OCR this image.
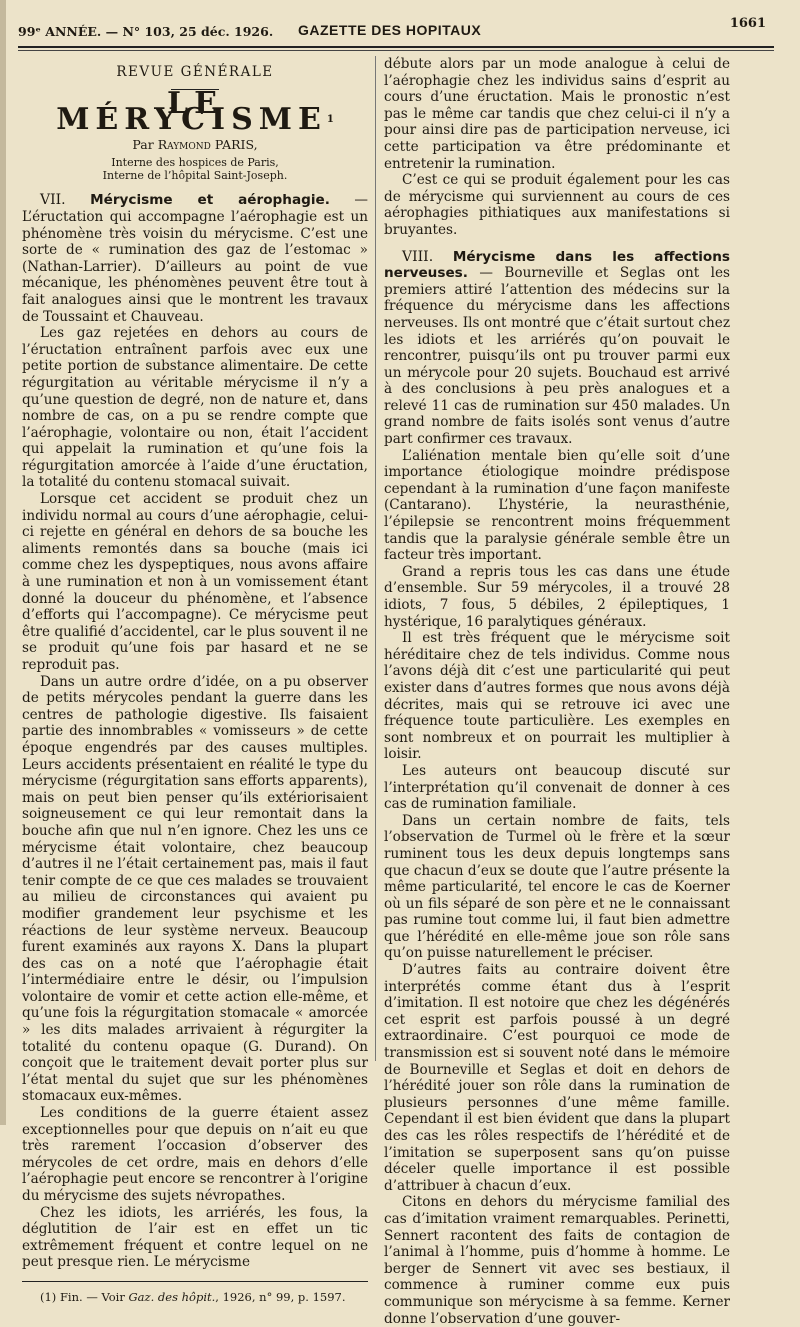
99ᵉ ANNÉE. — N° 103, 25 déc. 1926. GAZETTE DES HOPITAUX	1661
REVUE GÉNÉRALE
LE MÉRYCISME$^1$
Par Raymond PARIS,
Interne des hospices de Paris,
Interne de l’hôpital Saint-Joseph.

VII. Mérycisme et aérophagie. — L’éructation qui accompagne l’aérophagie est un phénomène très voisin du mérycisme. C’est une sorte de « rumination des gaz de l’estomac » (Nathan-Larrier). D’ailleurs au point de vue mécanique, les phénomènes peuvent être tout à fait analogues ainsi que le montrent les travaux de Toussaint et Chauveau.

Les gaz rejetées en dehors au cours de l’éructation entraînent parfois avec eux une petite portion de substance alimentaire. De cette régurgitation au véritable mérycisme il n’y a qu’une question de degré, non de nature et, dans nombre de cas, on a pu se rendre compte que l’aérophagie, volontaire ou non, était l’accident qui appelait la rumination et qu’une fois la régurgitation amorcée à l’aide d’une éructation, la totalité du contenu stomacal suivait.

Lorsque cet accident se produit chez un individu normal au cours d’une aérophagie, celui-ci rejette en général en dehors de sa bouche les aliments remontés dans sa bouche (mais ici comme chez les dyspeptiques, nous avons affaire à une rumination et non à un vomissement étant donné la douceur du phénomène, et l’absence d’efforts qui l’accompagne). Ce mérycisme peut être qualifié d’accidentel, car le plus souvent il ne se produit qu’une fois par hasard et ne se reproduit pas.

Dans un autre ordre d’idée, on a pu observer de petits mérycoles pendant la guerre dans les centres de pathologie digestive. Ils faisaient partie des innombrables « vomisseurs » de cette époque engendrés par des causes multiples. Leurs accidents présentaient en réalité le type du mérycisme (régurgitation sans efforts apparents), mais on peut bien penser qu’ils extériorisaient soigneusement ce qui leur remontait dans la bouche afin que nul n’en ignore. Chez les uns ce mérycisme était volontaire, chez beaucoup d’autres il ne l’était certainement pas, mais il faut tenir compte de ce que ces malades se trouvaient au milieu de circonstances qui avaient pu modifier grandement leur psychisme et les réactions de leur système nerveux. Beaucoup furent examinés aux rayons X. Dans la plupart des cas on a noté que l’aérophagie était l’intermédiaire entre le désir, ou l’impulsion volontaire de vomir et cette action elle-même, et qu’une fois la régurgitation stomacale « amorcée » les dits malades arrivaient à régurgiter la totalité du contenu opaque (G. Durand). On conçoit que le traitement devait porter plus sur l’état mental du sujet que sur les phénomènes stomacaux eux-mêmes.

Les conditions de la guerre étaient assez exceptionnelles pour que depuis on n’ait eu que très rarement l’occasion d’observer des mérycoles de cet ordre, mais en dehors d’elle l’aérophagie peut encore se rencontrer à l’origine du mérycisme des sujets névropathes.

Chez les idiots, les arriérés, les fous, la déglutition de l’air est en effet un tic extrêmement fréquent et contre lequel on ne peut presque rien. Le mérycisme

(1) Fin. — Voir Gaz. des hôpit., 1926, n° 99, p. 1597.

débute alors par un mode analogue à celui de l’aérophagie chez les individus sains d’esprit au cours d’une éructation. Mais le pronostic n’est pas le même car tandis que chez celui-ci il n’y a pour ainsi dire pas de participation nerveuse, ici cette participation va être prédominante et entretenir la rumination.

C’est ce qui se produit également pour les cas de mérycisme qui surviennent au cours de ces aérophagies pithiatiques aux manifestations si bruyantes.

VIII. Mérycisme dans les affections nerveuses. — Bourneville et Seglas ont les premiers attiré l’attention des médecins sur la fréquence du mérycisme dans les affections nerveuses. Ils ont montré que c’était surtout chez les idiots et les arriérés qu’on pouvait le rencontrer, puisqu’ils ont pu trouver parmi eux un mérycole pour 20 sujets. Bouchaud est arrivé à des conclusions à peu près analogues et a relevé 11 cas de rumination sur 450 malades. Un grand nombre de faits isolés sont venus d’autre part confirmer ces travaux.

L’aliénation mentale bien qu’elle soit d’une importance étiologique moindre prédispose cependant à la rumination d’une façon manifeste (Cantarano). L’hystérie, la neurasthénie, l’épilepsie se rencontrent moins fréquemment tandis que la paralysie générale semble être un facteur très important.

Grand a repris tous les cas dans une étude d’ensemble. Sur 59 mérycoles, il a trouvé 28 idiots, 7 fous, 5 débiles, 2 épileptiques, 1 hystérique, 16 paralytiques généraux.

Il est très fréquent que le mérycisme soit héréditaire chez de tels individus. Comme nous l’avons déjà dit c’est une particularité qui peut exister dans d’autres formes que nous avons déjà décrites, mais qui se retrouve ici avec une fréquence toute particulière. Les exemples en sont nombreux et on pourrait les multiplier à loisir.

Les auteurs ont beaucoup discuté sur l’interprétation qu’il convenait de donner à ces cas de rumination familiale.

Dans un certain nombre de faits, tels l’observation de Turmel où le frère et la sœur ruminent tous les deux depuis longtemps sans que chacun d’eux se doute que l’autre présente la même particularité, tel encore le cas de Koerner où un fils séparé de son père et ne le connaissant pas rumine tout comme lui, il faut bien admettre que l’hérédité en elle-même joue son rôle sans qu’on puisse naturellement le préciser.

D’autres faits au contraire doivent être interprétés comme étant dus à l’esprit d’imitation. Il est notoire que chez les dégénérés cet esprit est parfois poussé à un degré extraordinaire. C’est pourquoi ce mode de transmission est si souvent noté dans le mémoire de Bourneville et Seglas et doit en dehors de l’hérédité jouer son rôle dans la rumination de plusieurs personnes d’une même famille. Cependant il est bien évident que dans la plupart des cas les rôles respectifs de l’hérédité et de l’imitation se superposent sans qu’on puisse déceler quelle importance il est possible d’attribuer à chacun d’eux.

Citons en dehors du mérycisme familial des cas d’imitation vraiment remarquables. Perinetti, Sennert racontent des faits de contagion de l’animal à l’homme, puis d’homme à homme. Le berger de Sennert vit avec ses bestiaux, il commence à ruminer comme eux puis communique son mérycisme à sa femme. Kerner donne l’observation d’une gouver-
